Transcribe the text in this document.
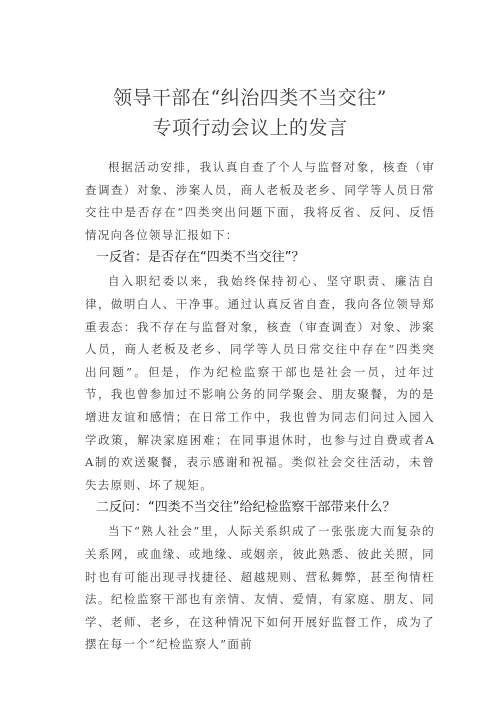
领导干部在“纠治四类不当交往”
专项行动会议上的发言

根据活动安排，我认真自查了个人与监督对象，核查（审查调查）对象、涉案人员，商人老板及老乡、同学等人员日常交往中是否存在“四类突出问题下面，我将反省、反问、反悟情况向各位领导汇报如下：

一反省：是否存在“四类不当交往”？

自入职纪委以来，我始终保持初心、坚守职责、廉洁自律，做明白人、干净事。通过认真反省自查，我向各位领导郑重表态：我不存在与监督对象，核查（审查调查）对象、涉案人员，商人老板及老乡、同学等人员日常交往中存在“四类突出问题”。但是，作为纪检监察干部也是社会一员，过年过节，我也曾参加过不影响公务的同学聚会、朋友聚餐，为的是增进友谊和感情；在日常工作中，我也曾为同志们问过入园入学政策，解决家庭困难；在同事退休时，也参与过自费或者AA制的欢送聚餐，表示感谢和祝福。类似社会交往活动，未曾失去原则、坏了规矩。

二反问：“四类不当交往”给纪检监察干部带来什么？

当下“熟人社会”里，人际关系织成了一张张庞大而复杂的关系网，或血缘、或地缘、或姻亲，彼此熟悉、彼此关照，同时也有可能出现寻找捷径、超越规则、营私舞弊，甚至徇情枉法。纪检监察干部也有亲情、友情、爱情，有家庭、朋友、同学、老师、老乡，在这种情况下如何开展好监督工作，成为了摆在每一个“纪检监察人”面前
